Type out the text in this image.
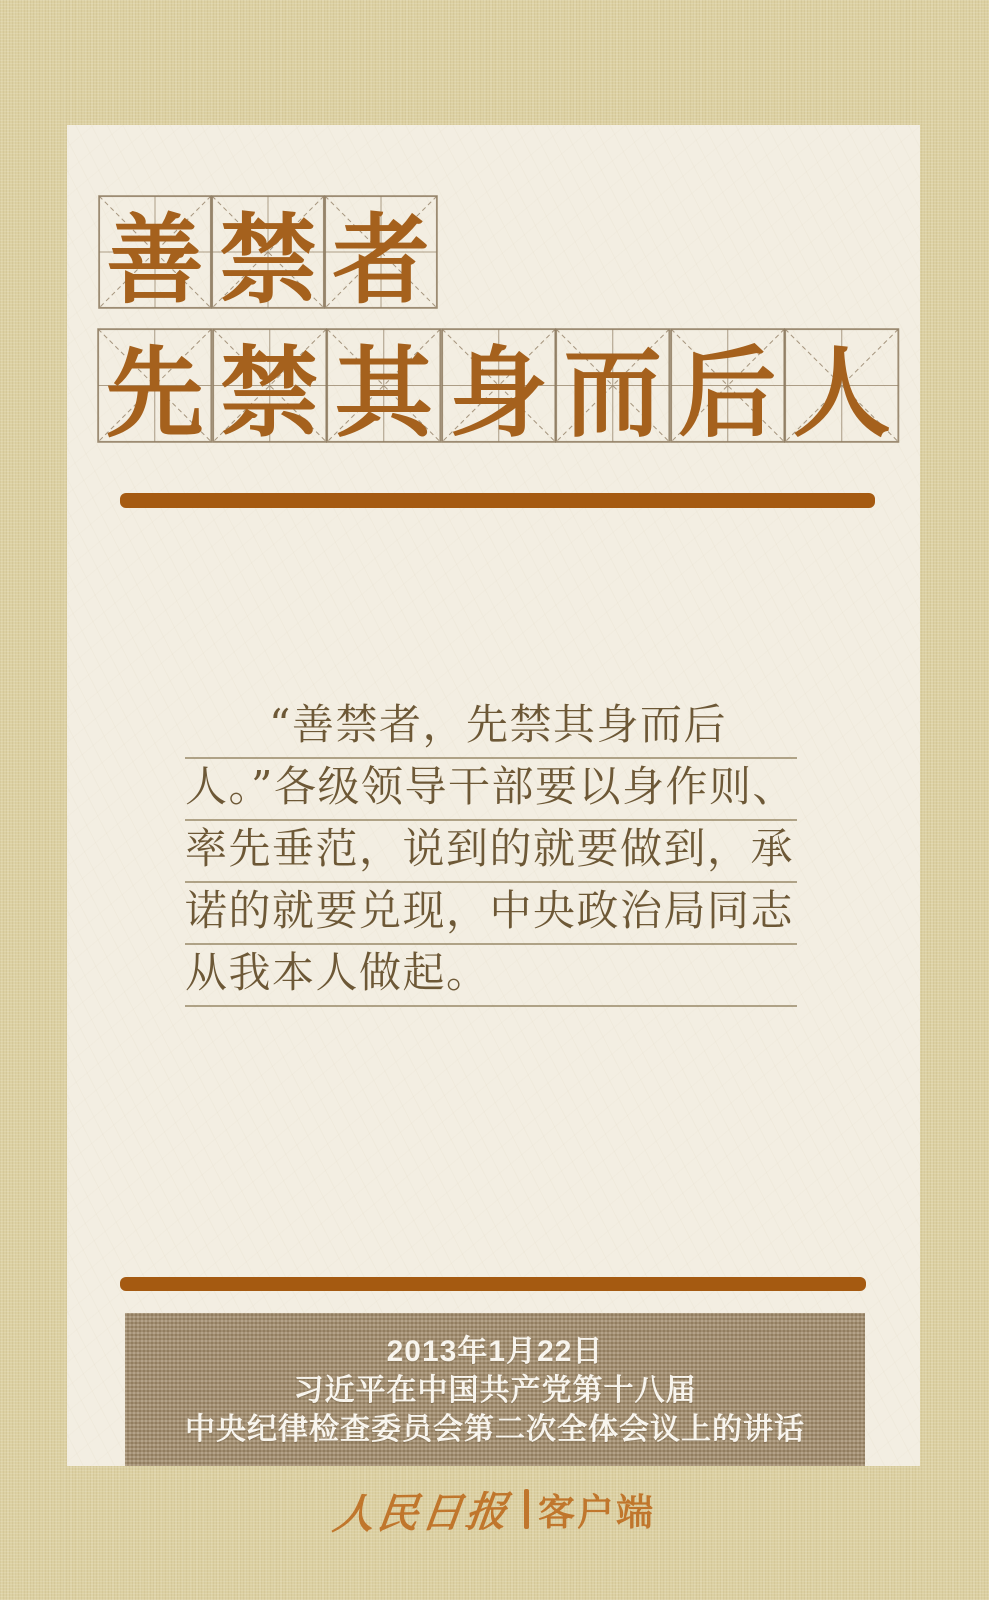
善 禁 者
先 禁 其 身 而 后 人
“善禁者，先禁其身而后
人。”各级领导干部要以身作则、
率先垂范，说到的就要做到，承
诺的就要兑现，中央政治局同志
从我本人做起。
2013年1月22日
习近平在中国共产党第十八届
中央纪律检查委员会第二次全体会议上的讲话
人民日报 客户端
